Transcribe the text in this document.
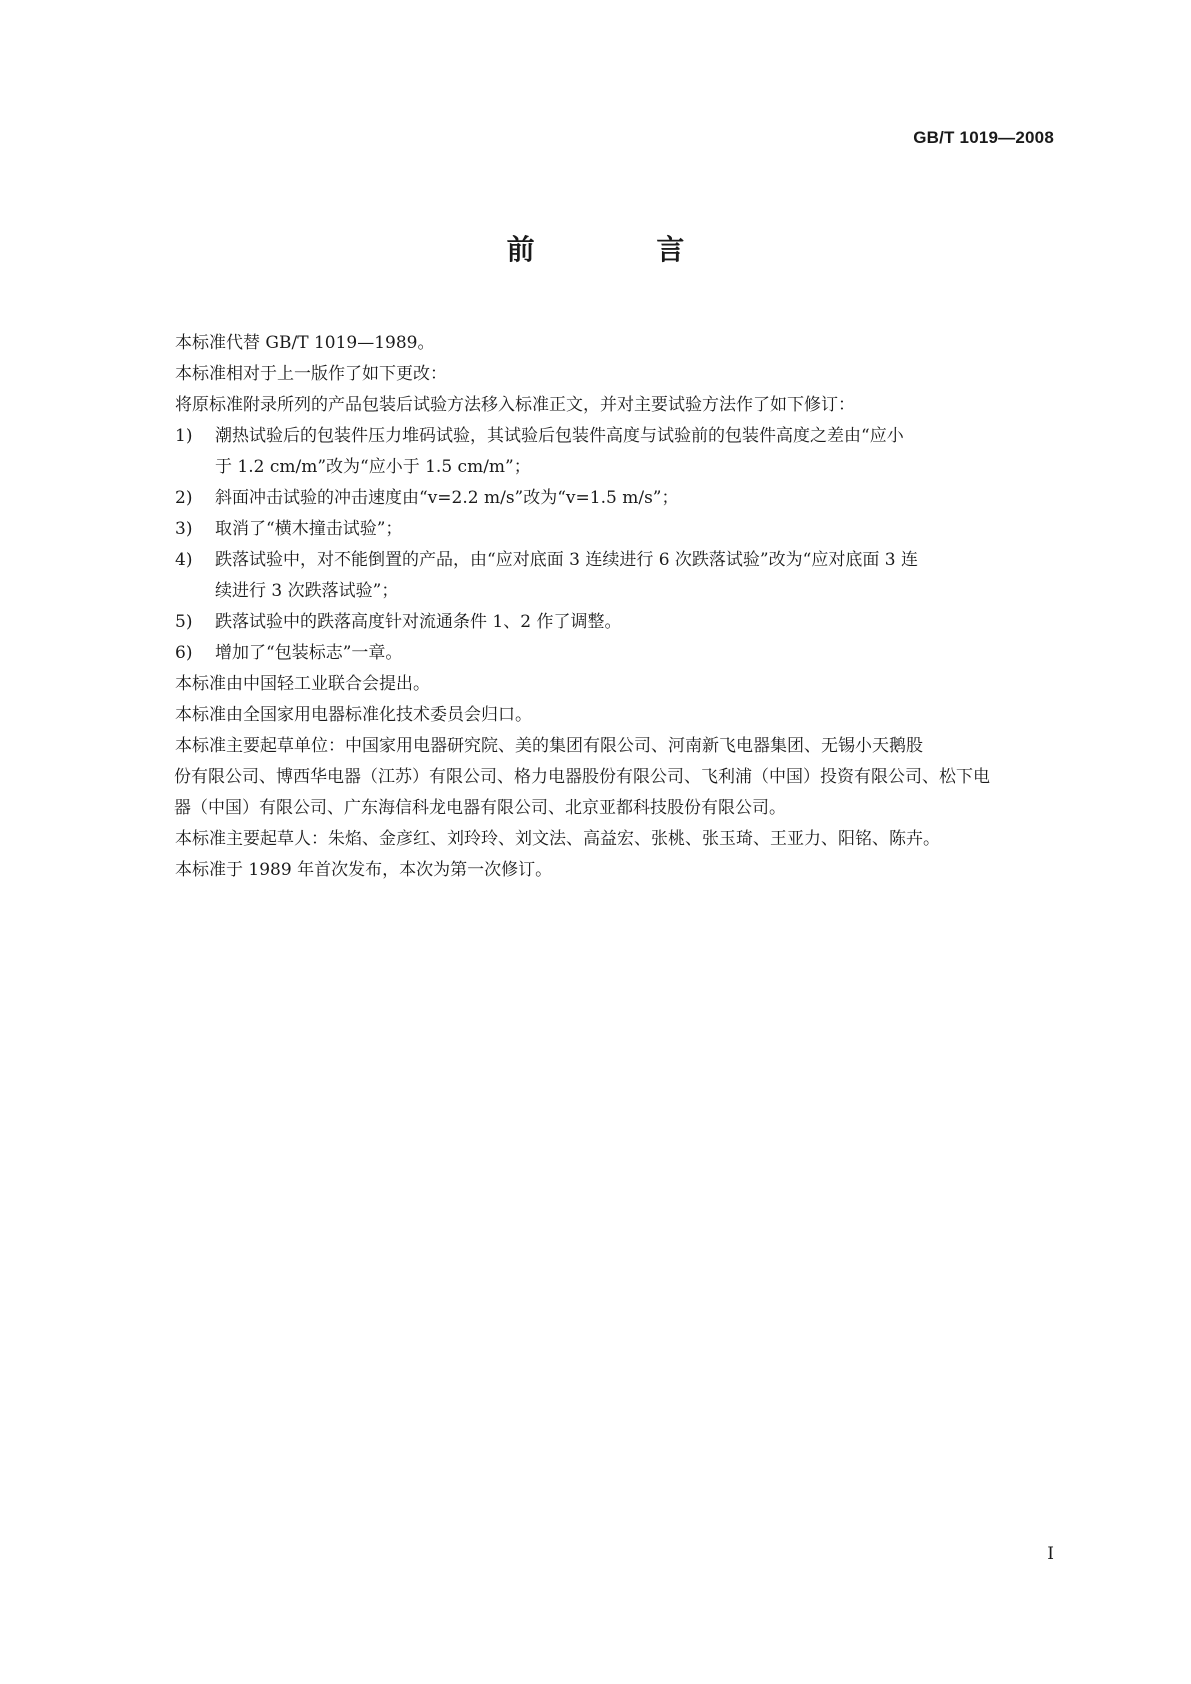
GB/T 1019—2008
前 言

本标准代替 GB/T 1019—1989。

本标准相对于上一版作了如下更改：

将原标准附录所列的产品包装后试验方法移入标准正文，并对主要试验方法作了如下修订：

1) 潮热试验后的包装件压力堆码试验，其试验后包装件高度与试验前的包装件高度之差由“应小
于 1.2 cm/m”改为“应小于 1.5 cm/m”；
2) 斜面冲击试验的冲击速度由“v=2.2 m/s”改为“v=1.5 m/s”；
3) 取消了“横木撞击试验”；
4) 跌落试验中，对不能倒置的产品，由“应对底面 3 连续进行 6 次跌落试验”改为“应对底面 3 连
续进行 3 次跌落试验”；
5) 跌落试验中的跌落高度针对流通条件 1、2 作了调整。
6) 增加了“包装标志”一章。

本标准由中国轻工业联合会提出。

本标准由全国家用电器标准化技术委员会归口。

本标准主要起草单位：中国家用电器研究院、美的集团有限公司、河南新飞电器集团、无锡小天鹅股
份有限公司、博西华电器（江苏）有限公司、格力电器股份有限公司、飞利浦（中国）投资有限公司、松下电
器（中国）有限公司、广东海信科龙电器有限公司、北京亚都科技股份有限公司。

本标准主要起草人：朱焰、金彦红、刘玲玲、刘文法、高益宏、张桃、张玉琦、王亚力、阳铭、陈卉。

本标准于 1989 年首次发布，本次为第一次修订。

I
